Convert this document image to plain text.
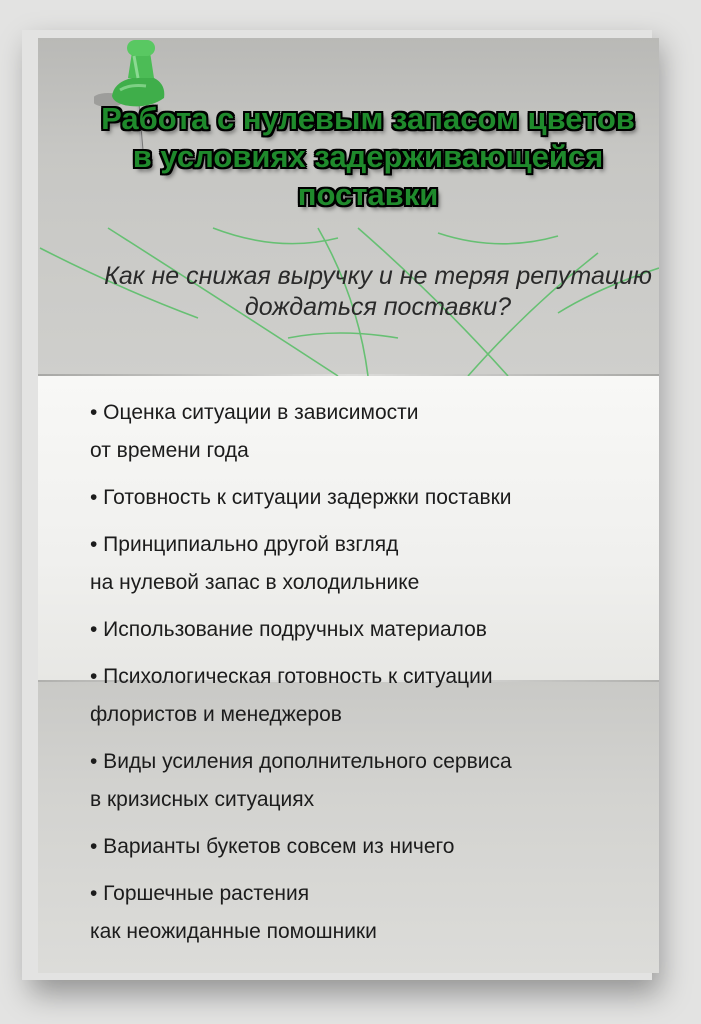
Работа с нулевым запасом цветов в условиях задерживающейся поставки

Как не снижая выручку и не теряя репутацию дождаться поставки?

• Оценка ситуации в зависимости
от времени года
• Готовность к ситуации задержки поставки
• Принципиально другой взгляд
на нулевой запас в холодильнике
• Использование подручных материалов
• Психологическая готовность к ситуации
флористов и менеджеров
• Виды усиления дополнительного сервиса
в кризисных ситуациях
• Варианты букетов совсем из ничего
• Горшечные растения
как неожиданные помошники
